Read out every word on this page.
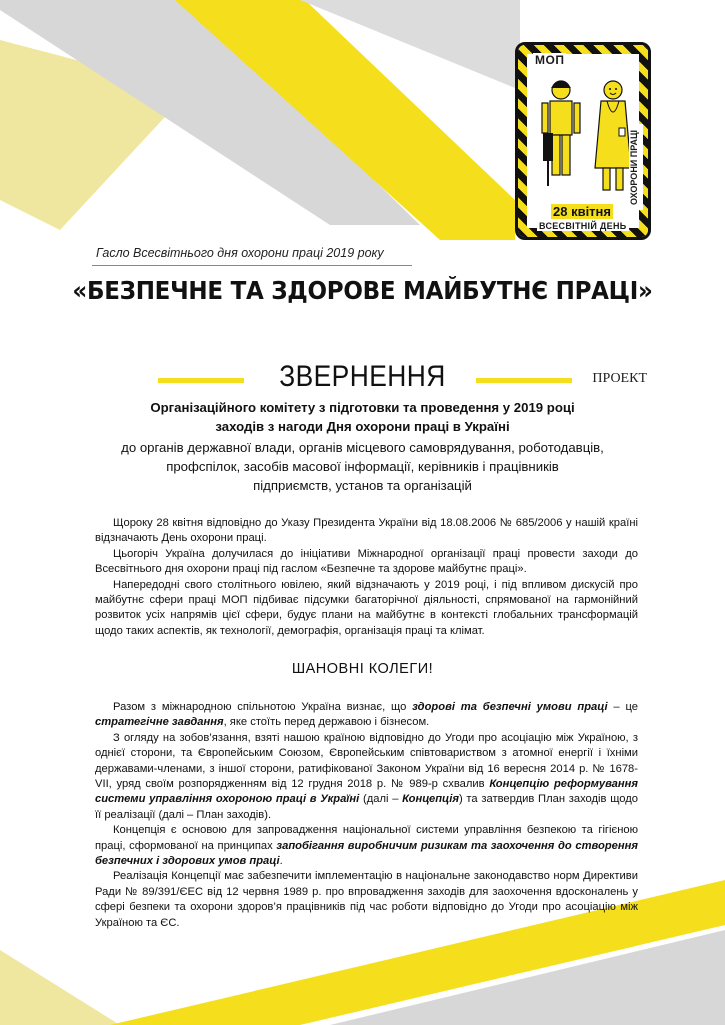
МОП
28 квітня
ОХОРОНИ ПРАЦІ
ВСЕСВІТНІЙ ДЕНЬ
Гасло Всесвітнього дня охорони праці 2019 року
«БЕЗПЕЧНЕ ТА ЗДОРОВЕ МАЙБУТНЄ ПРАЦІ»
ЗВЕРНЕННЯ	ПРОЕКТ
Організаційного комітету з підготовки та проведення у 2019 році
заходів з нагоди Дня охорони праці в Україні
до органів державної влади, органів місцевого самоврядування, роботодавців,
профспілок, засобів масової інформації, керівників і працівників
підприємств, установ та організацій

Щороку 28 квітня відповідно до Указу Президента України від 18.08.2006 № 685/2006 у нашій країні відзначають День охорони праці.

Цьогоріч Україна долучилася до ініціативи Міжнародної організації праці провести заходи до Всесвітнього дня охорони праці під гаслом «Безпечне та здорове майбутнє праці».

Напередодні свого столітнього ювілею, який відзначають у 2019 році, і під впливом дискусій про майбутнє сфери праці МОП підбиває підсумки багаторічної діяльності, спрямованої на гармонійний розвиток усіх напрямів цієї сфери, будує плани на майбутнє в контексті глобальних трансформацій щодо таких аспектів, як технології, демографія, організація праці та клімат.

ШАНОВНІ КОЛЕГИ!

Разом з міжнародною спільнотою Україна визнає, що здорові та безпечні умови праці – це стратегічне завдання, яке стоїть перед державою і бізнесом.

З огляду на зобов’язання, взяті нашою країною відповідно до Угоди про асоціацію між Україною, з однієї сторони, та Європейським Союзом, Європейським співтовариством з атомної енергії і їхніми державами-членами, з іншої сторони, ратифікованої Законом України від 16 вересня 2014 р. № 1678-VII, уряд своїм розпорядженням від 12 грудня 2018 р. № 989-р схвалив Концепцію реформування системи управління охороною праці в Україні (далі – Концепція) та затвердив План заходів щодо її реалізації (далі – План заходів).

Концепція є основою для запровадження національної системи управління безпекою та гігієною праці, сформованої на принципах запобігання виробничим ризикам та заохочення до створення безпечних і здорових умов праці.

Реалізація Концепції має забезпечити імплементацію в національне законодавство норм Директиви Ради № 89/391/ЄЕС від 12 червня 1989 р. про впровадження заходів для заохочення вдосконалень у сфері безпеки та охорони здоров’я працівників під час роботи відповідно до Угоди про асоціацію між Україною та ЄС.
